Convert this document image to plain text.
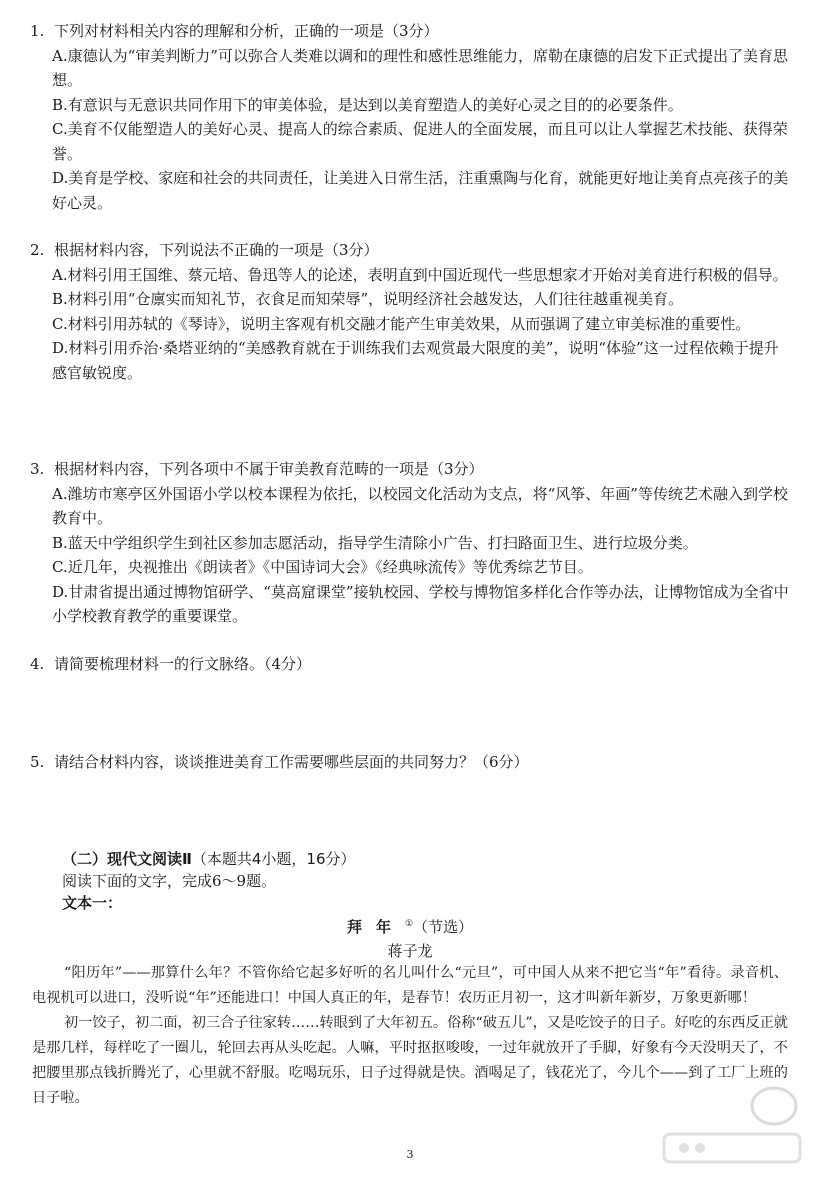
1. 下列对材料相关内容的理解和分析，正确的一项是（3分）
A.康德认为“审美判断力”可以弥合人类难以调和的理性和感性思维能力，席勒在康德的启发下正式提出了美育思想。
B.有意识与无意识共同作用下的审美体验，是达到以美育塑造人的美好心灵之目的的必要条件。
C.美育不仅能塑造人的美好心灵、提高人的综合素质、促进人的全面发展，而且可以让人掌握艺术技能、获得荣誉。
D.美育是学校、家庭和社会的共同责任，让美进入日常生活，注重熏陶与化育，就能更好地让美育点亮孩子的美好心灵。
2. 根据材料内容，下列说法不正确的一项是（3分）
A.材料引用王国维、蔡元培、鲁迅等人的论述，表明直到中国近现代一些思想家才开始对美育进行积极的倡导。
B.材料引用“仓廪实而知礼节，衣食足而知荣辱”，说明经济社会越发达，人们往往越重视美育。
C.材料引用苏轼的《琴诗》，说明主客观有机交融才能产生审美效果，从而强调了建立审美标准的重要性。
D.材料引用乔治·桑塔亚纳的“美感教育就在于训练我们去观赏最大限度的美”，说明“体验”这一过程依赖于提升感官敏锐度。
3. 根据材料内容，下列各项中不属于审美教育范畴的一项是（3分）
A.潍坊市寒亭区外国语小学以校本课程为依托，以校园文化活动为支点，将“风筝、年画”等传统艺术融入到学校教育中。
B.蓝天中学组织学生到社区参加志愿活动，指导学生清除小广告、打扫路面卫生、进行垃圾分类。
C.近几年，央视推出《朗读者》《中国诗词大会》《经典咏流传》等优秀综艺节目。
D.甘肃省提出通过博物馆研学、“莫高窟课堂”接轨校园、学校与博物馆多样化合作等办法，让博物馆成为全省中小学校教育教学的重要课堂。
4. 请简要梳理材料一的行文脉络。（4分）
5. 请结合材料内容，谈谈推进美育工作需要哪些层面的共同努力？（6分）
（二）现代文阅读Ⅱ（本题共4小题，16分）
阅读下面的文字，完成6～9题。
文本一：
拜年①（节选）
蒋子龙

“阳历年”——那算什么年？不管你给它起多好听的名儿叫什么“元旦”，可中国人从来不把它当“年”看待。录音机、电视机可以进口，没听说“年”还能进口！中国人真正的年，是春节！农历正月初一，这才叫新年新岁，万象更新哪！

初一饺子，初二面，初三合子往家转……转眼到了大年初五。俗称“破五儿”，又是吃饺子的日子。好吃的东西反正就是那几样，每样吃了一圈儿，轮回去再从头吃起。人嘛，平时抠抠唆唆，一过年就放开了手脚，好象有今天没明天了，不把腰里那点钱折腾光了，心里就不舒服。吃喝玩乐，日子过得就是快。酒喝足了，钱花光了，今儿个——到了工厂上班的日子啦。

3
